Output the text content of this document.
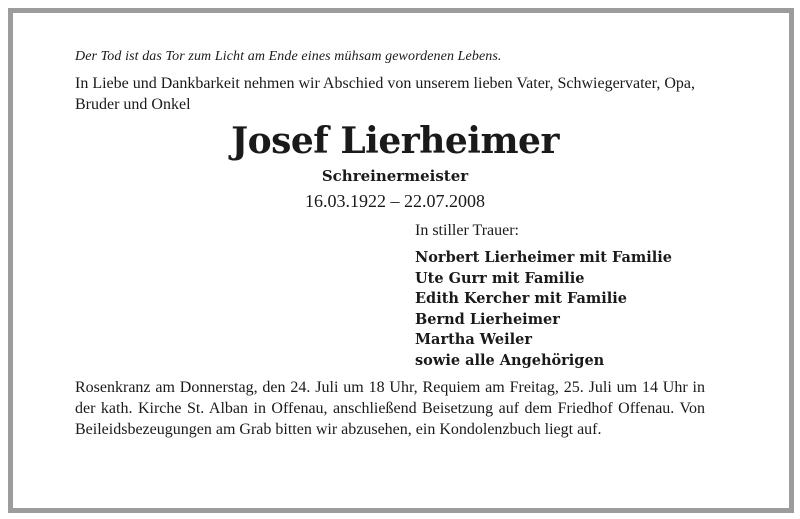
Der Tod ist das Tor zum Licht am Ende eines mühsam gewordenen Lebens.

In Liebe und Dankbarkeit nehmen wir Abschied von unserem lieben Vater, Schwiegervater, Opa, Bruder und Onkel

Josef Lierheimer

Schreinermeister

16.03.1922 – 22.07.2008

In stiller Trauer:

Norbert Lierheimer mit Familie

Ute Gurr mit Familie

Edith Kercher mit Familie

Bernd Lierheimer

Martha Weiler

sowie alle Angehörigen

Rosenkranz am Donnerstag, den 24. Juli um 18 Uhr, Requiem am Freitag, 25. Juli um 14 Uhr in der kath. Kirche St. Alban in Offenau, anschließend Beisetzung auf dem Friedhof Offenau. Von Beileidsbezeugungen am Grab bitten wir abzusehen, ein Kondolenzbuch liegt auf.
